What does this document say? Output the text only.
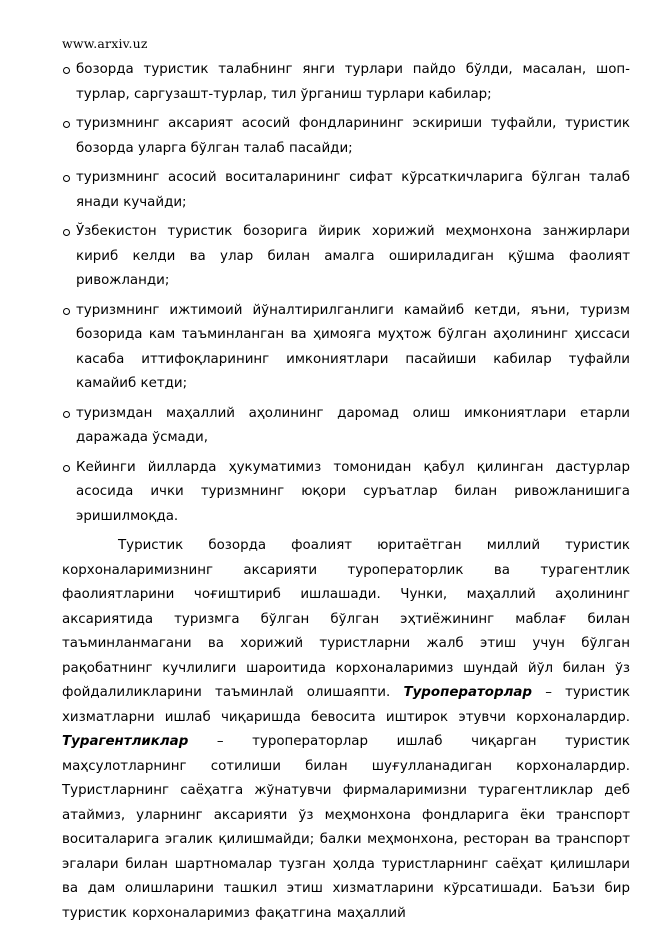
www.arxiv.uz
бозорда туристик талабнинг янги турлари пайдо бўлди, масалан, шоп-турлар, саргузашт-турлар, тил ўрганиш турлари кабилар;
туризмнинг аксарият асосий фондларининг эскириши туфайли, туристик бозорда уларга бўлган талаб пасайди;
туризмнинг асосий воситаларининг сифат кўрсаткичларига бўлган талаб янади кучайди;
Ўзбекистон туристик бозорига йирик хорижий меҳмонхона занжирлари кириб келди ва улар билан амалга ошириладиган қўшма фаолият ривожланди;
туризмнинг ижтимоий йўналтирилганлиги камайиб кетди, яъни, туризм бозорида кам таъминланган ва ҳимояга муҳтож бўлган аҳолининг ҳиссаси касаба иттифоқларининг имкониятлари пасайиши кабилар туфайли камайиб кетди;
туризмдан маҳаллий аҳолининг даромад олиш имкониятлари етарли даражада ўсмади,
Кейинги йилларда ҳукуматимиз томонидан қабул қилинган дастурлар асосида ички туризмнинг юқори суръатлар билан ривожланишига эришилмоқда.

Туристик бозорда фоалият юритаётган миллий туристик корхоналаримизнинг аксарияти туроператорлик ва турагентлик фаолиятларини чоғиштириб ишлашади. Чунки, маҳаллий аҳолининг аксариятида туризмга бўлган бўлган эҳтиёжининг маблағ билан таъминланмагани ва хорижий туристларни жалб этиш учун бўлган рақобатнинг кучлилиги шароитида корхоналаримиз шундай йўл билан ўз фойдалиликларини таъминлай олишаяпти. Туроператорлар – туристик хизматларни ишлаб чиқаришда бевосита иштирок этувчи корхоналардир. Турагентликлар – туроператорлар ишлаб чиқарган туристик маҳсулотларнинг сотилиши билан шуғулланадиган корхоналардир. Туристларнинг саёҳатга жўнатувчи фирмаларимизни турагентликлар деб атаймиз, уларнинг аксарияти ўз меҳмонхона фондларига ёки транспорт воситаларига эгалик қилишмайди; балки меҳмонхона, ресторан ва транспорт эгалари билан шартномалар тузган ҳолда туристларнинг саёҳат қилишлари ва дам олишларини ташкил этиш хизматларини кўрсатишади. Баъзи бир туристик корхоналаримиз фақатгина маҳаллий
